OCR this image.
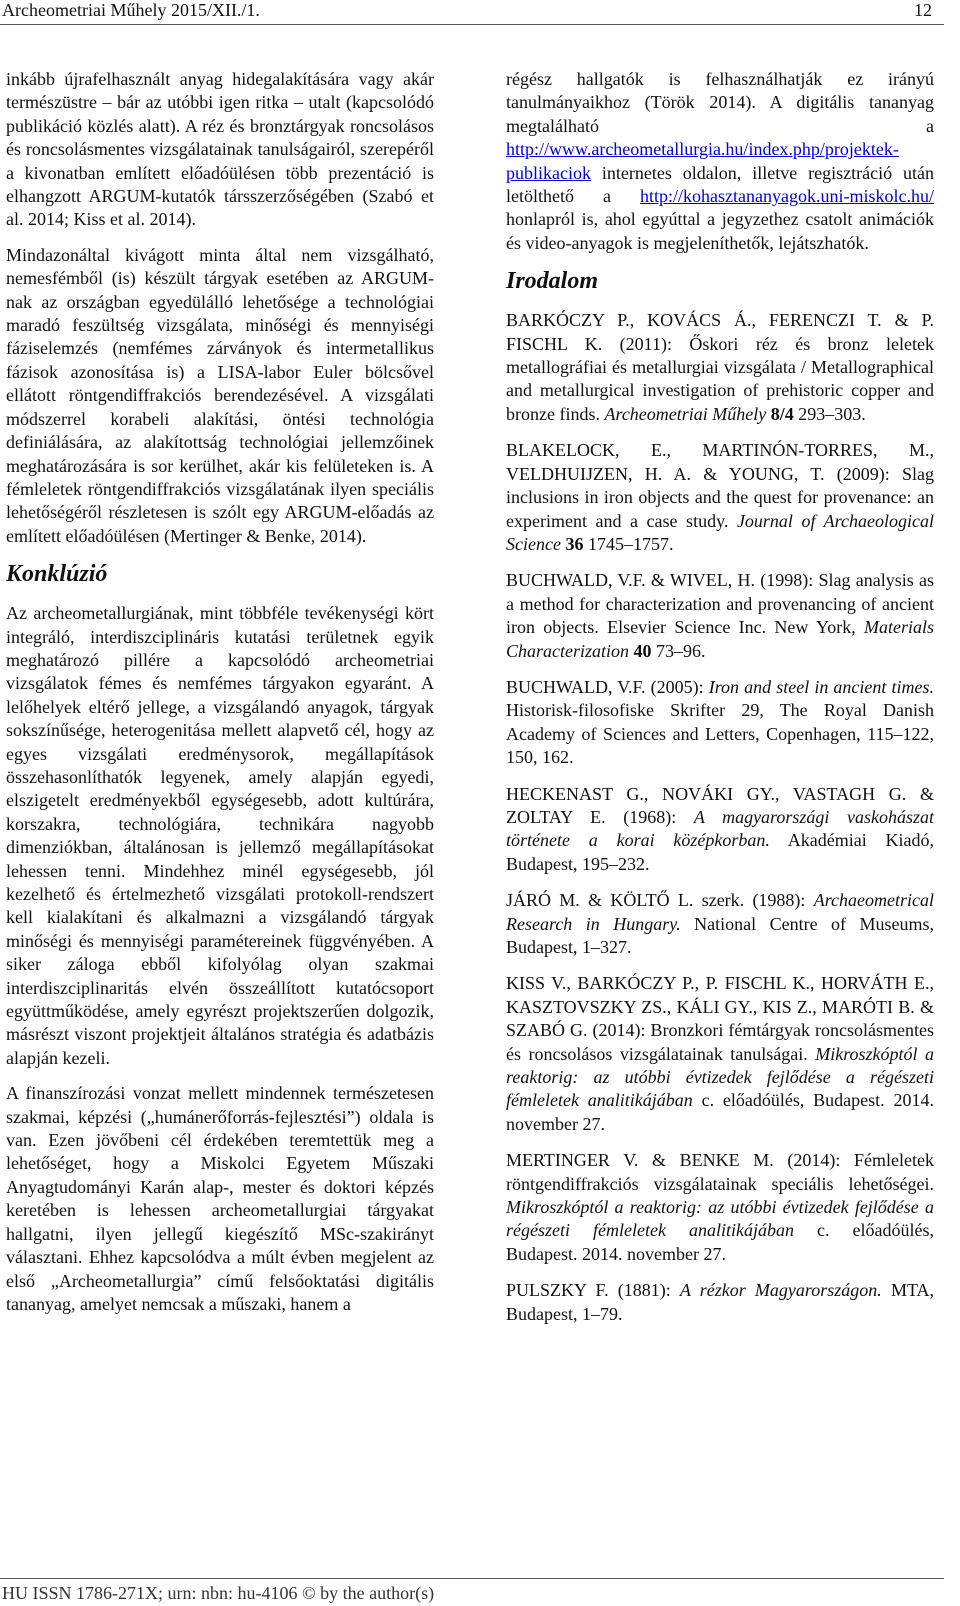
Archeometriai Műhely 2015/XII./1.	12

inkább újrafelhasznált anyag hidegalakítására vagy akár természüstre – bár az utóbbi igen ritka – utalt (kapcsolódó publikáció közlés alatt). A réz és bronztárgyak roncsolásos és roncsolásmentes vizsgálatainak tanulságairól, szerepéről a kivonatban említett előadóülésen több prezentáció is elhangzott ARGUM-kutatók társszerzőségében (Szabó et al. 2014; Kiss et al. 2014).

Mindazonáltal kivágott minta által nem vizsgálható, nemesfémből (is) készült tárgyak esetében az ARGUM-nak az országban egyedülálló lehetősége a technológiai maradó feszültség vizsgálata, minőségi és mennyiségi fáziselemzés (nemfémes zárványok és intermetallikus fázisok azonosítása is) a LISA-labor Euler bölcsővel ellátott röntgendiffrakciós berendezésével. A vizsgálati módszerrel korabeli alakítási, öntési technológia definiálására, az alakítottság technológiai jellemzőinek meghatározására is sor kerülhet, akár kis felületeken is. A fémleletek röntgendiffrakciós vizsgálatának ilyen speciális lehetőségéről részletesen is szólt egy ARGUM-előadás az említett előadóülésen (Mertinger & Benke, 2014).

Konklúzió

Az archeometallurgiának, mint többféle tevékenységi kört integráló, interdiszciplináris kutatási területnek egyik meghatározó pillére a kapcsolódó archeometriai vizsgálatok fémes és nemfémes tárgyakon egyaránt. A lelőhelyek eltérő jellege, a vizsgálandó anyagok, tárgyak sokszínűsége, heterogenitása mellett alapvető cél, hogy az egyes vizsgálati eredménysorok, megállapítások összehasonlíthatók legyenek, amely alapján egyedi, elszigetelt eredményekből egységesebb, adott kultúrára, korszakra, technológiára, technikára nagyobb dimenziókban, általánosan is jellemző megállapításokat lehessen tenni. Mindehhez minél egységesebb, jól kezelhető és értelmezhető vizsgálati protokoll-rendszert kell kialakítani és alkalmazni a vizsgálandó tárgyak minőségi és mennyiségi paramétereinek függvényében. A siker záloga ebből kifolyólag olyan szakmai interdiszciplinaritás elvén összeállított kutatócsoport együttműködése, amely egyrészt projektszerűen dolgozik, másrészt viszont projektjeit általános stratégia és adatbázis alapján kezeli.

A finanszírozási vonzat mellett mindennek természetesen szakmai, képzési („humánerőforrás-fejlesztési”) oldala is van. Ezen jövőbeni cél érdekében teremtettük meg a lehetőséget, hogy a Miskolci Egyetem Műszaki Anyagtudományi Karán alap-, mester és doktori képzés keretében is lehessen archeometallurgiai tárgyakat hallgatni, ilyen jellegű kiegészítő MSc-szakirányt választani. Ehhez kapcsolódva a múlt évben megjelent az első „Archeometallurgia” című felsőoktatási digitális tananyag, amelyet nemcsak a műszaki, hanem a

régész hallgatók is felhasználhatják ez irányú tanulmányaikhoz (Török 2014). A digitális tananyag megtalálható a http://www.archeometallurgia.hu/index.php/projektek-publikaciok internetes oldalon, illetve regisztráció után letölthető a http://kohasztananyagok.uni-miskolc.hu/ honlapról is, ahol egyúttal a jegyzethez csatolt animációk és video-anyagok is megjeleníthetők, lejátszhatók.

Irodalom
BARKÓCZY P., KOVÁCS Á., FERENCZI T. & P. FISCHL K. (2011): Őskori réz és bronz leletek metallográfiai és metallurgiai vizsgálata / Metallographical and metallurgical investigation of prehistoric copper and bronze finds. Archeometriai Műhely 8/4 293–303.
BLAKELOCK, E., MARTINÓN-TORRES, M., VELDHUIJZEN, H. A. & YOUNG, T. (2009): Slag inclusions in iron objects and the quest for provenance: an experiment and a case study. Journal of Archaeological Science 36 1745–1757.
BUCHWALD, V.F. & WIVEL, H. (1998): Slag analysis as a method for characterization and provenancing of ancient iron objects. Elsevier Science Inc. New York, Materials Characterization 40 73–96.
BUCHWALD, V.F. (2005): Iron and steel in ancient times. Historisk-filosofiske Skrifter 29, The Royal Danish Academy of Sciences and Letters, Copenhagen, 115–122, 150, 162.
HECKENAST G., NOVÁKI GY., VASTAGH G. & ZOLTAY E. (1968): A magyarországi vaskohászat története a korai középkorban. Akadémiai Kiadó, Budapest, 195–232.
JÁRÓ M. & KÖLTŐ L. szerk. (1988): Archaeometrical Research in Hungary. National Centre of Museums, Budapest, 1–327.
KISS V., BARKÓCZY P., P. FISCHL K., HORVÁTH E., KASZTOVSZKY ZS., KÁLI GY., KIS Z., MARÓTI B. & SZABÓ G. (2014): Bronzkori fémtárgyak roncsolásmentes és roncsolásos vizsgálatainak tanulságai. Mikroszkóptól a reaktorig: az utóbbi évtizedek fejlődése a régészeti fémleletek analitikájában c. előadóülés, Budapest. 2014. november 27.
MERTINGER V. & BENKE M. (2014): Fémleletek röntgendiffrakciós vizsgálatainak speciális lehetőségei. Mikroszkóptól a reaktorig: az utóbbi évtizedek fejlődése a régészeti fémleletek analitikájában c. előadóülés, Budapest. 2014. november 27.
PULSZKY F. (1881): A rézkor Magyarországon. MTA, Budapest, 1–79.
HU ISSN 1786-271X; urn: nbn: hu-4106 © by the author(s)
